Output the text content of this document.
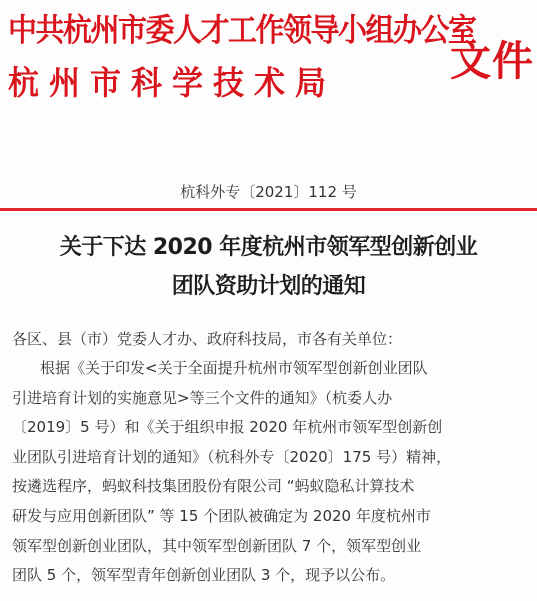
中共杭州市委人才工作领导小组办公室
杭州市科学技术局	文件
杭科外专〔2021〕112 号
关于下达 2020 年度杭州市领军型创新创业
团队资助计划的通知
各区、县（市）党委人才办、政府科技局，市各有关单位：
根据《关于印发<关于全面提升杭州市领军型创新创业团队
引进培育计划的实施意见>等三个文件的通知》（杭委人办
〔2019〕5 号）和《关于组织申报 2020 年杭州市领军型创新创
业团队引进培育计划的通知》（杭科外专〔2020〕175 号）精神，
按遴选程序，蚂蚁科技集团股份有限公司 “蚂蚁隐私计算技术
研发与应用创新团队” 等 15 个团队被确定为 2020 年度杭州市
领军型创新创业团队，其中领军型创新团队 7 个，领军型创业
团队 5 个，领军型青年创新创业团队 3 个，现予以公布。
